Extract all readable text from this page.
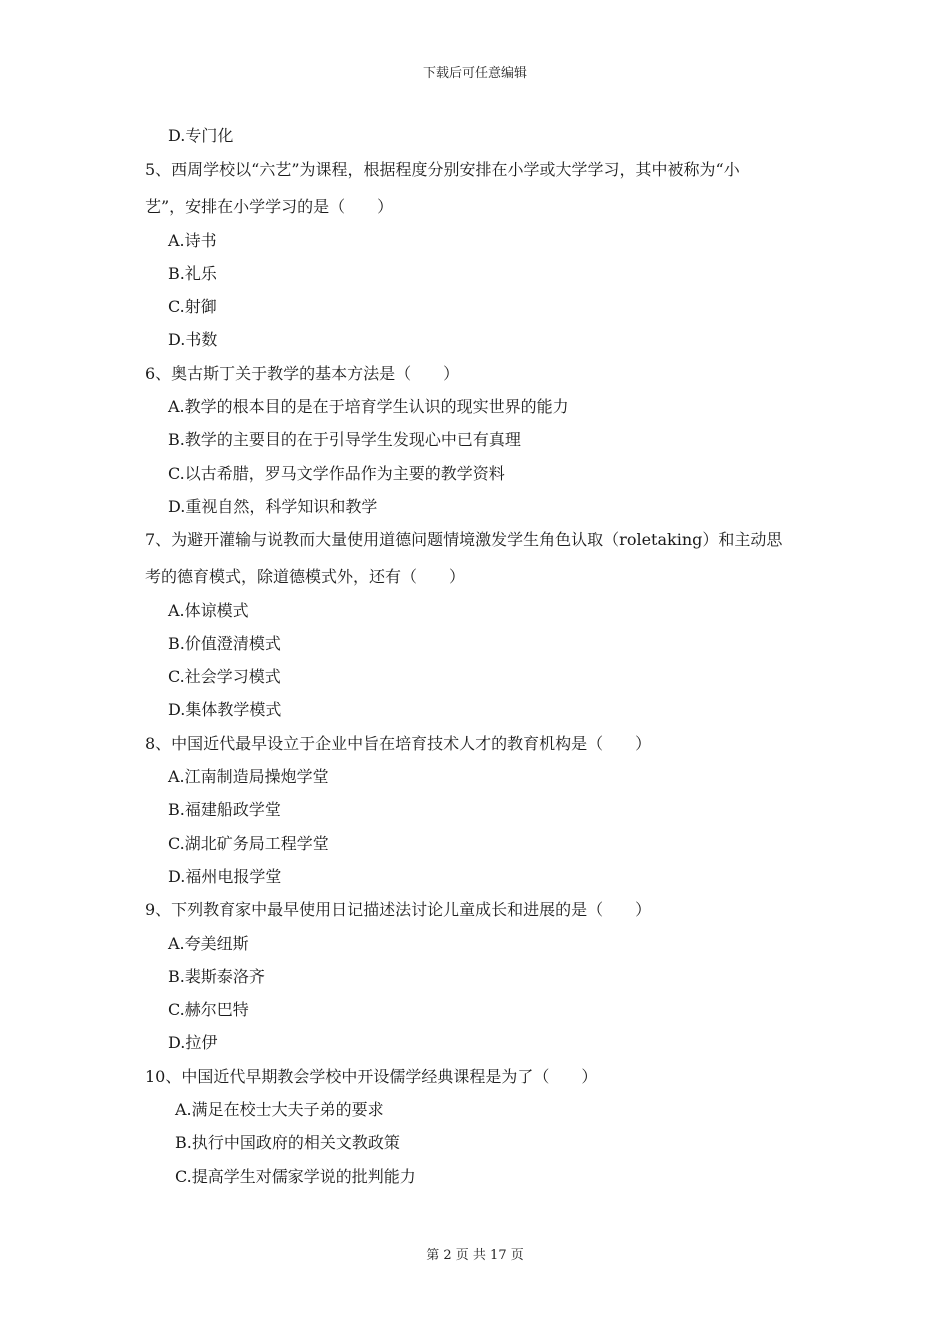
下载后可任意编辑
D.专门化
5、西周学校以“六艺”为课程，根据程度分别安排在小学或大学学习，其中被称为“小
艺”，安排在小学学习的是（　　）
A.诗书
B.礼乐
C.射御
D.书数
6、奥古斯丁关于教学的基本方法是（　　）
A.教学的根本目的是在于培育学生认识的现实世界的能力
B.教学的主要目的在于引导学生发现心中已有真理
C.以古希腊，罗马文学作品作为主要的教学资料
D.重视自然，科学知识和教学
7、为避开灌输与说教而大量使用道德问题情境激发学生角色认取（roletaking）和主动思
考的德育模式，除道德模式外，还有（　　）
A.体谅模式
B.价值澄清模式
C.社会学习模式
D.集体教学模式
8、中国近代最早设立于企业中旨在培育技术人才的教育机构是（　　）
A.江南制造局操炮学堂
B.福建船政学堂
C.湖北矿务局工程学堂
D.福州电报学堂
9、下列教育家中最早使用日记描述法讨论儿童成长和进展的是（　　）
A.夸美纽斯
B.裴斯泰洛齐
C.赫尔巴特
D.拉伊
10、中国近代早期教会学校中开设儒学经典课程是为了（　　）
A.满足在校士大夫子弟的要求
B.执行中国政府的相关文教政策
C.提高学生对儒家学说的批判能力
第 2 页 共 17 页
